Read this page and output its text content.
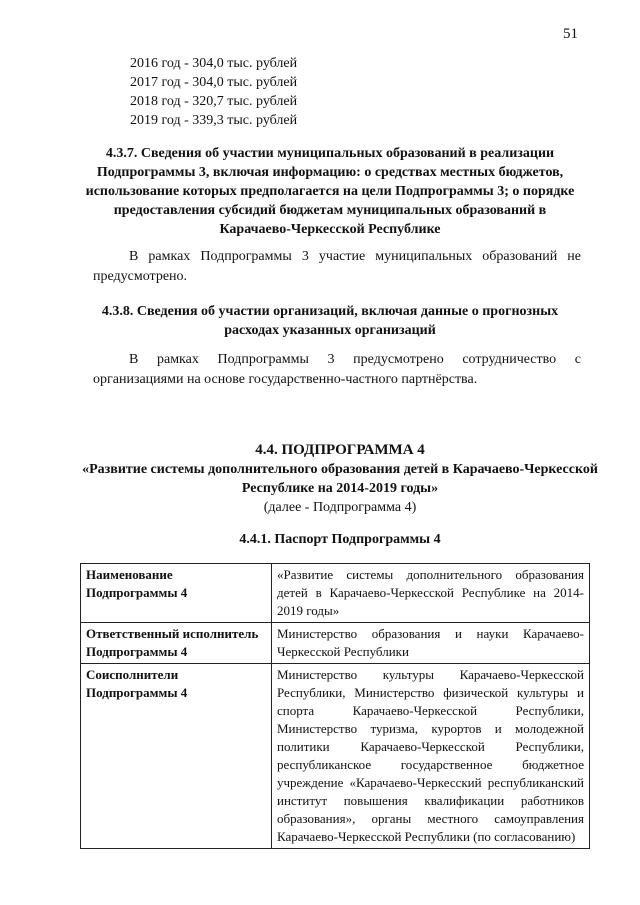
51
2016 год - 304,0 тыс. рублей
2017 год - 304,0 тыс. рублей
2018 год - 320,7 тыс. рублей
2019 год - 339,3 тыс. рублей
4.3.7. Сведения об участии муниципальных образований в реализации Подпрограммы 3, включая информацию: о средствах местных бюджетов, использование которых предполагается на цели Подпрограммы 3; о порядке предоставления субсидий бюджетам муниципальных образований в Карачаево-Черкесской Республике
В рамках Подпрограммы 3 участие муниципальных образований не предусмотрено.
4.3.8. Сведения об участии организаций, включая данные о прогнозных расходах указанных организаций
В рамках Подпрограммы 3 предусмотрено сотрудничество с организациями на основе государственно-частного партнёрства.
4.4. ПОДПРОГРАММА 4
«Развитие системы дополнительного образования детей в Карачаево-Черкесской Республике на 2014-2019 годы»
(далее - Подпрограмма 4)
4.4.1. Паспорт Подпрограммы 4
Наименование Подпрограммы 4	«Развитие системы дополнительного образования детей в Карачаево-Черкесской Республике на 2014-2019 годы»
Ответственный исполнитель Подпрограммы 4	Министерство образования и науки Карачаево-Черкесской Республики
Соисполнители Подпрограммы 4	Министерство культуры Карачаево-Черкесской Республики, Министерство физической культуры и спорта Карачаево-Черкесской Республики, Министерство туризма, курортов и молодежной политики Карачаево-Черкесской Республики, республиканское государственное бюджетное учреждение «Карачаево-Черкесский республиканский институт повышения квалификации работников образования», органы местного самоуправления Карачаево-Черкесской Республики (по согласованию)
